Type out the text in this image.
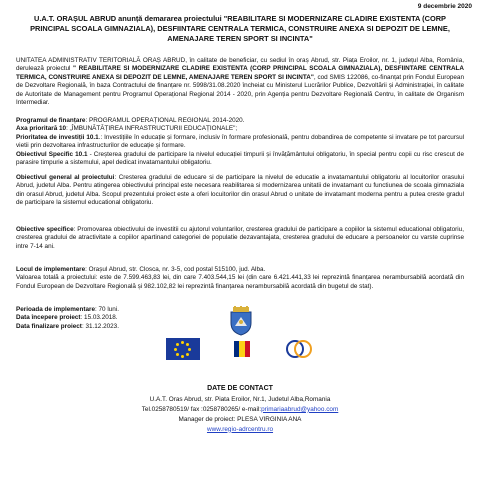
9 decembrie 2020
U.A.T. ORAȘUL ABRUD anunță demararea proiectului "REABILITARE SI MODERNIZARE CLADIRE EXISTENTA (CORP PRINCIPAL SCOALA GIMNAZIALA), DESFIINTARE CENTRALA TERMICA, CONSTRUIRE ANEXA SI DEPOZIT DE LEMNE, AMENAJARE TEREN SPORT SI INCINTA"

UNITATEA ADMINISTRATIV TERITORIALĂ ORAȘ ABRUD, în calitate de beneficiar, cu sediul în oraș Abrud, str. Piața Eroilor, nr. 1, județul Alba, România, derulează proiectul " REABILITARE SI MODERNIZARE CLADIRE EXISTENTA (CORP PRINCIPAL SCOALA GIMNAZIALA), DESFIINTARE CENTRALA TERMICA, CONSTRUIRE ANEXA SI DEPOZIT DE LEMNE, AMENAJARE TEREN SPORT SI INCINTA", cod SMIS 122086, co-finanțat prin Fondul European de Dezvoltare Regională, în baza Contractului de finanțare nr. 5998/31.08.2020 încheiat cu Ministerul Lucrărilor Publice, Dezvoltării și Administrației, în calitate de Autoritate de Management pentru Programul Operațional Regional 2014 - 2020, prin Agenția pentru Dezvoltare Regională Centru, în calitate de Organism Intermediar.

Programul de finanțare: PROGRAMUL OPERAȚIONAL REGIONAL 2014-2020.
Axa prioritară 10: „ÎMBUNĂTĂȚIREA INFRASTRUCTURII EDUCAȚIONALE";
Prioritatea de investiții 10.1.: Investițiile în educație și formare, inclusiv în formare profesională, pentru dobandirea de competente si invatare pe tot parcursul vietii prin dezvoltarea infrastructurilor de educație și formare.
Obiectivul Specific 10.1 - Creșterea gradului de participare la nivelul educației timpurii și învățământului obligatoriu, în special pentru copii cu risc crescut de parasire timpurie a sistemului, apel dedicat invatamantului obligatoriu.

Obiectivul general al proiectului: Cresterea gradului de educare si de participare la nivelul de educatie a invatamantului obligatoriu al locuitorilor orasului Abrud, judetul Alba. Pentru atingerea obiectivului principal este necesara reabilitarea si modernizarea unitatii de invatamant cu functiunea de scoala gimnaziala din orasul Abrud, judetul Alba. Scopul prezentului proiect este a oferi locuitorilor din orasul Abrud o unitate de invatamant moderna pentru a putea creste gradul de participare la sistemul educational obligatoriu.

Obiective specifice: Promovarea obiectivului de investitii cu ajutorul voluntarilor, cresterea gradului de participare a copiilor la sistemul educational obligatoriu, cresterea gradului de atractivitate a copiilor apartinand categoriei de populatie dezavantajata, cresterea gradului de educare a persoanelor cu varste cuprinse intre 7-14 ani.

Locul de implementare: Orașul Abrud, str. Closca, nr. 3-5, cod postal 515100, jud. Alba.
Valoarea totală a proiectului: este de 7.599.463,83 lei, din care 7.403.544,15 lei (din care 6.421.441,33 lei reprezintă finanțarea nerambursabilă acordată din Fondul European de Dezvoltare Regională și 982.102,82 lei reprezintă finanțarea nerambursabilă acordată din bugetul de stat).

Perioada de implementare: 70 luni.
Data începere proiect: 15.03.2018.
Data finalizare proiect: 31.12.2023.

DATE DE CONTACT
U.A.T. Oras Abrud, str. Piata Eroilor, Nr.1, Judetul Alba,Romania
Tel.0258780519/ fax :0258780265/ e-mail:primariaabrud@yahoo.com
Manager de proiect: PLESA VIRGINIA ANA
www.regio-adrcentru.ro
